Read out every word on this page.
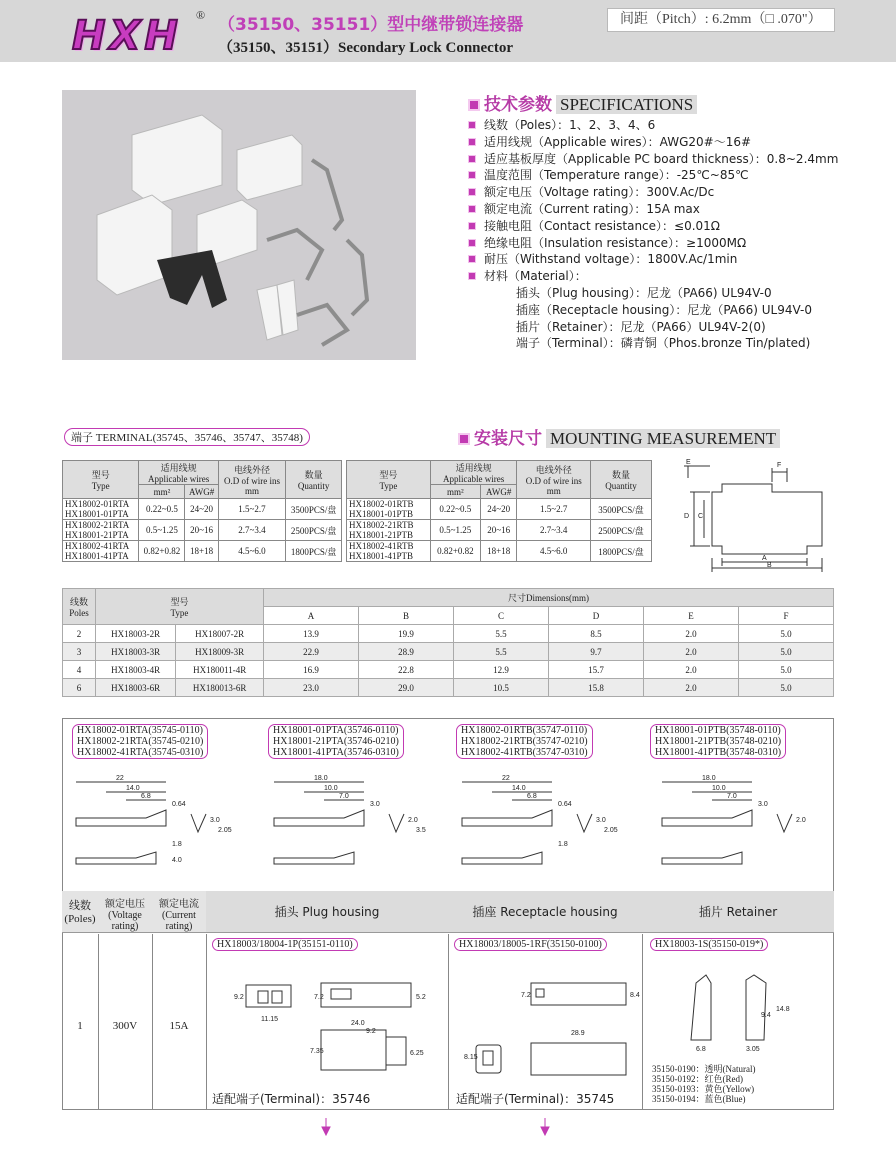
HXH ® （35150、35151）型中继带锁连接器
（35150、35151）Secondary Lock Connector
间距（Pitch）: 6.2mm（□ .070"）
技术参数 SPECIFICATIONS
线数（Poles）：1、2、3、4、6
适用线规（Applicable wires）：AWG20#～16#
适应基板厚度（Applicable PC board thickness）：0.8~2.4mm
温度范围（Temperature range）：-25℃~85℃
额定电压（Voltage rating）：300V.Ac/Dc
额定电流（Current rating）：15A max
接触电阻（Contact resistance）：≤0.01Ω
绝缘电阻（Insulation resistance）：≥1000MΩ
耐压（Withstand voltage）：1800V.Ac/1min
材料（Material）：
插头（Plug housing）：尼龙（PA66) UL94V-0
插座（Receptacle housing）：尼龙（PA66) UL94V-0
插片（Retainer）：尼龙（PA66）UL94V-2(0)
端子（Terminal）：磷青铜（Phos.bronze Tin/plated)
端子 TERMINAL(35745、35746、35747、35748)	安装尺寸 MOUNTING MEASUREMENT
型号
Type	适用线规
Applicable wires		电线外径
O.D of wire ins
mm	数量
Quantity
	mm²	AWG#		
HX18002-01RTA
HX18001-01PTA	0.22~0.5	24~20	1.5~2.7	3500PCS/盘
HX18002-21RTA
HX18001-21PTA	0.5~1.25	20~16	2.7~3.4	2500PCS/盘
HX18002-41RTA
HX18001-41PTA	0.82+0.82	18+18	4.5~6.0	1800PCS/盘
型号
Type	适用线规
Applicable wires		电线外径
O.D of wire ins
mm	数量
Quantity
	mm²	AWG#		
HX18002-01RTB
HX18001-01PTB	0.22~0.5	24~20	1.5~2.7	3500PCS/盘
HX18002-21RTB
HX18001-21PTB	0.5~1.25	20~16	2.7~3.4	2500PCS/盘
HX18002-41RTB
HX18001-41PTB	0.82+0.82	18+18	4.5~6.0	1800PCS/盘
F
E
D C
A
B
线数
Poles	型号
Type		尺寸Dimensions(mm)					
			A	B	C	D	E	F
2	HX18003-2R	HX18007-2R	13.9	19.9	5.5	8.5	2.0	5.0
3	HX18003-3R	HX18009-3R	22.9	28.9	5.5	9.7	2.0	5.0
4	HX18003-4R	HX180011-4R	16.9	22.8	12.9	15.7	2.0	5.0
6	HX18003-6R	HX180013-6R	23.0	29.0	10.5	15.8	2.0	5.0
HX18002-01RTA(35745-0110)
HX18002-21RTA(35745-0210)
HX18002-41RTA(35745-0310)
HX18001-01PTA(35746-0110)
HX18001-21PTA(35746-0210)
HX18001-41PTA(35746-0310)
HX18002-01RTB(35747-0110)
HX18002-21RTB(35747-0210)
HX18002-41RTB(35747-0310)
HX18001-01PTB(35748-0110)
HX18001-21PTB(35748-0210)
HX18001-41PTB(35748-0310)
22
14.0
6.8
0.64
3.0
2.05
1.8
4.0
18.0
10.0
7.0
3.0
2.0
3.5
22
14.0
6.8
0.64
3.0
2.05
1.8
18.0
10.0
7.0
3.0
2.0
线数
(Poles)
额定电压
(Voltage
rating)
额定电流
(Current
rating)
插头 Plug housing	插座 Receptacle housing	插片 Retainer
1	300V	15A
HX18003/18004-1P(35151-0110)	HX18003/18005-1RF(35150-0100)	HX18003-1S(35150-019*)
9.2	7.2	5.2
11.15
24.0
9.2
7.35	6.25
7.2	8.4
28.9
8.15
14.8
9.4
6.8	3.05
适配端子(Terminal)：35746	适配端子(Terminal)：35745
35150-0190：透明(Natural)
35150-0192：红色(Red)
35150-0193：黄色(Yellow)
35150-0194：蓝色(Blue)
